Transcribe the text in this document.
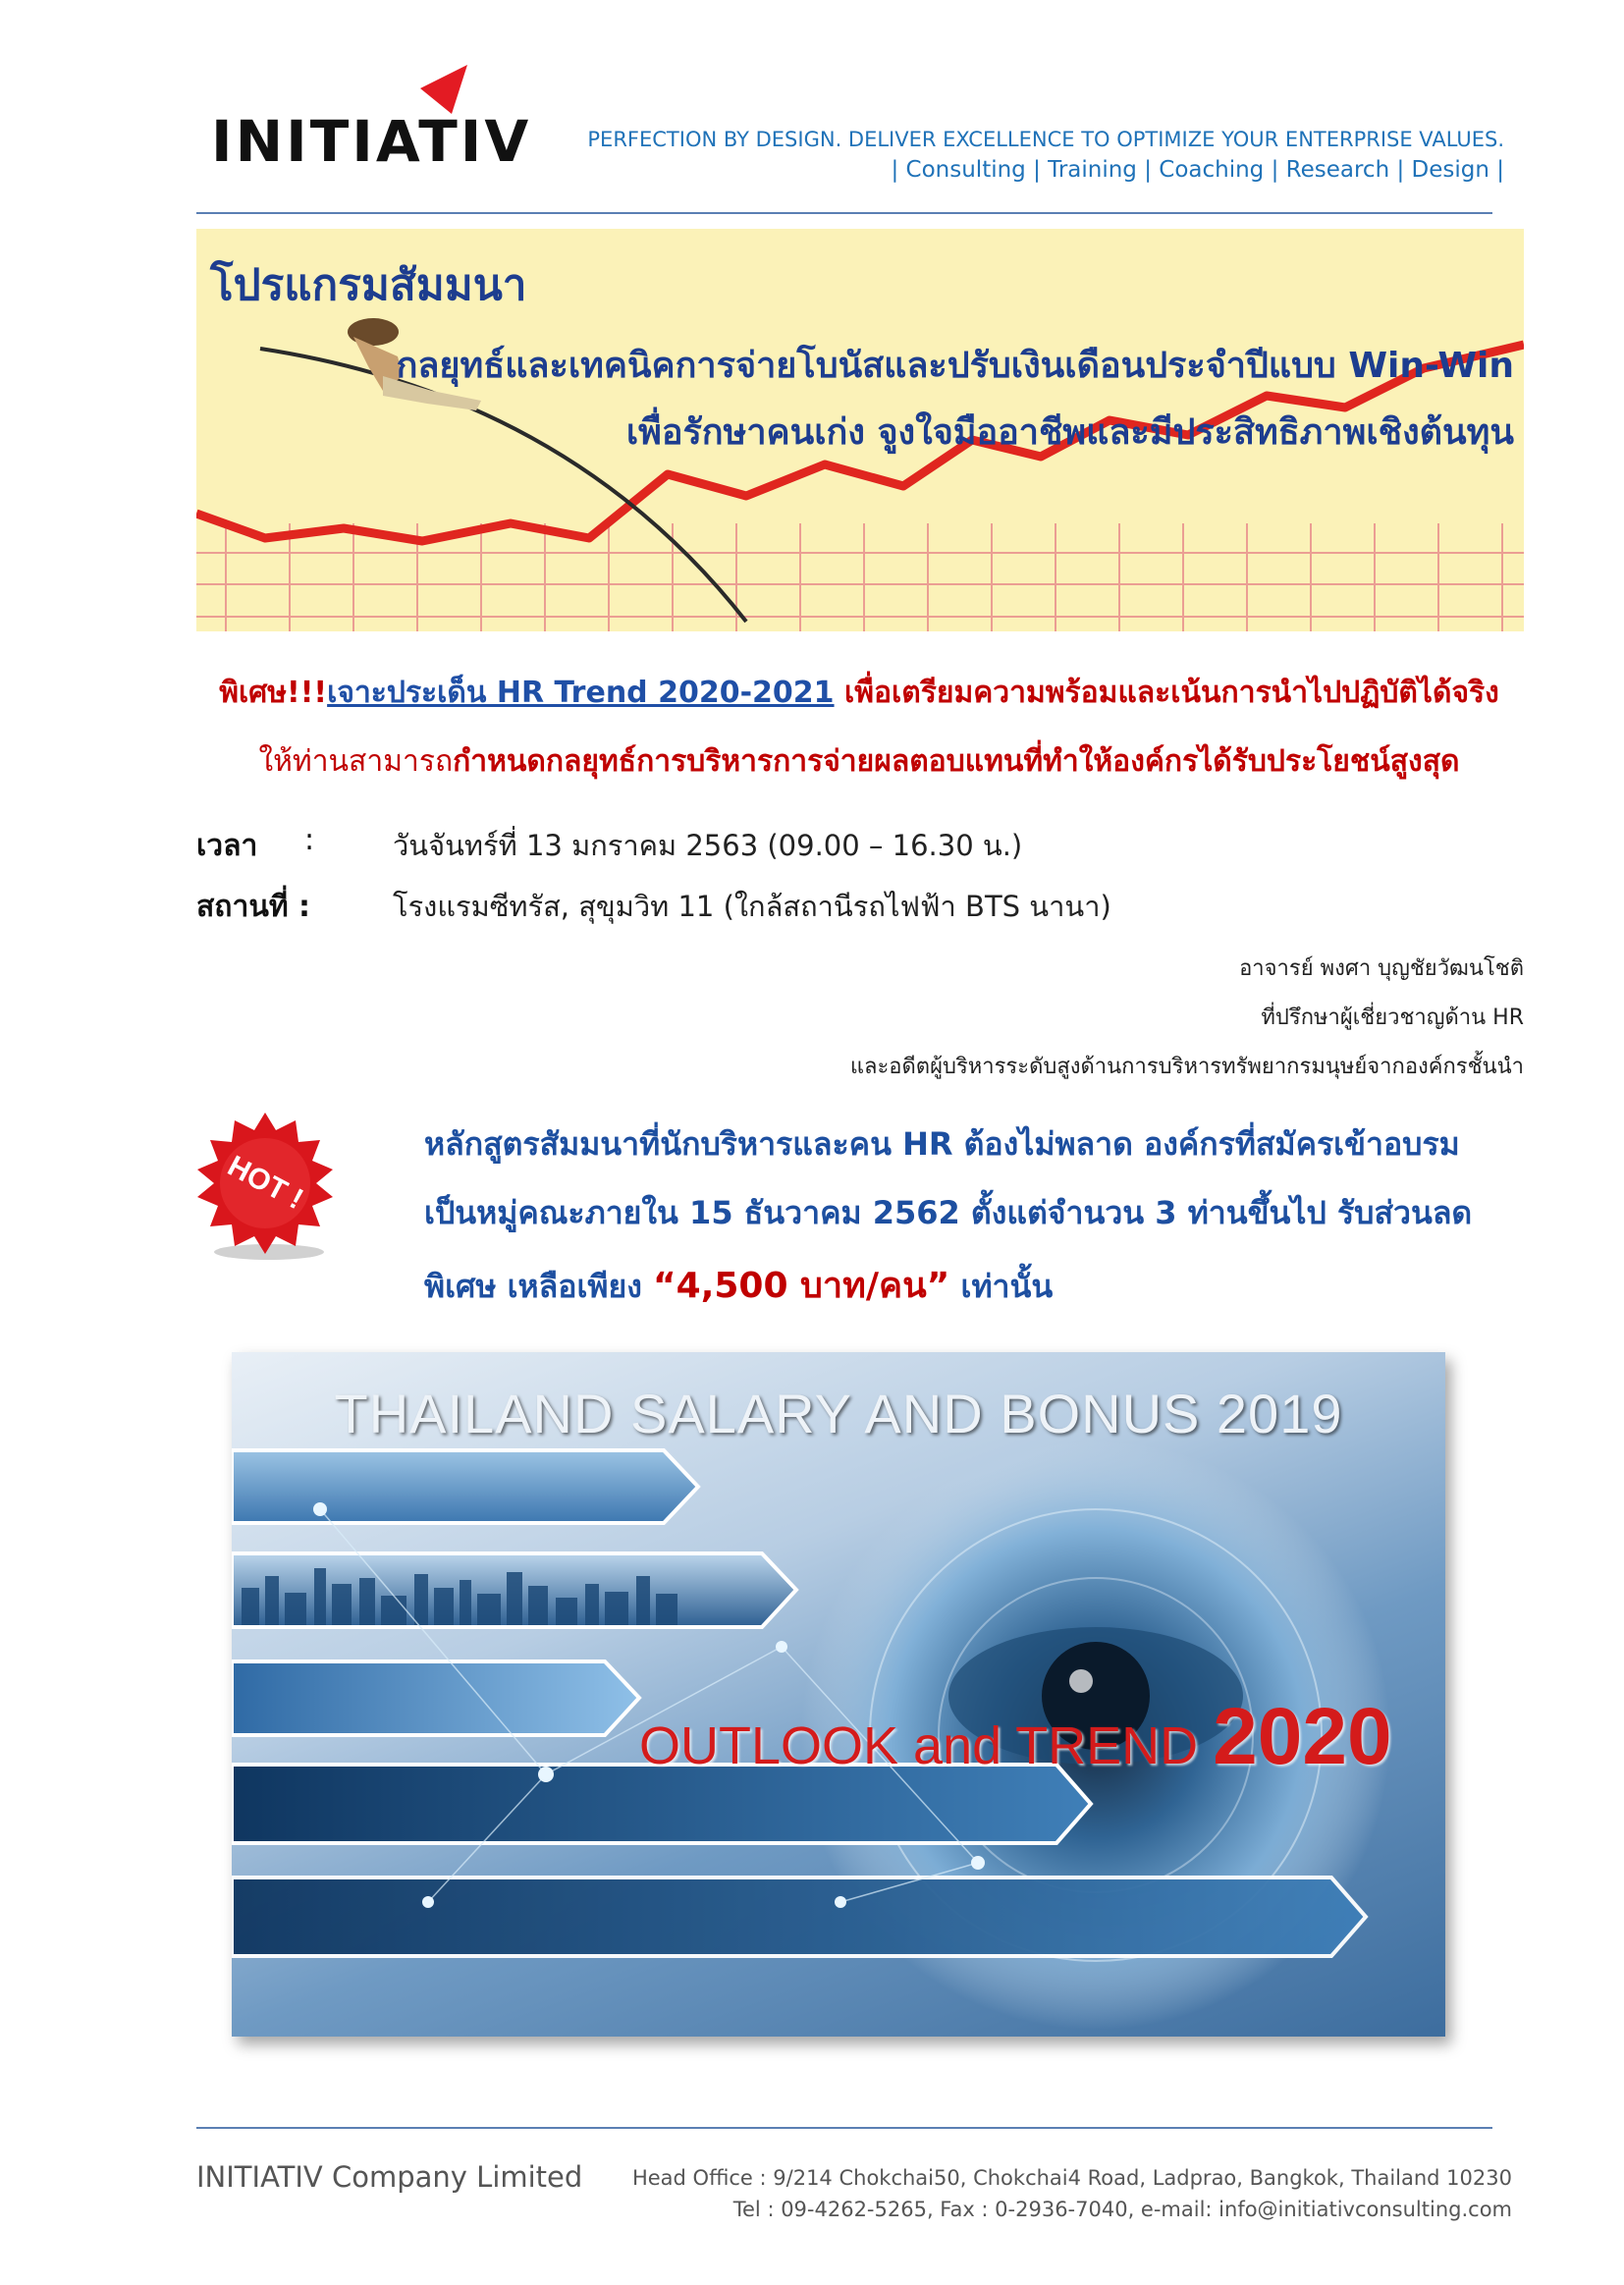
INITIATIV	PERFECTION BY DESIGN. DELIVER EXCELLENCE TO OPTIMIZE YOUR ENTERPRISE VALUES.
| Consulting | Training | Coaching | Research | Design |
โปรแกรมสัมมนา
กลยุทธ์และเทคนิคการจ่ายโบนัสและปรับเงินเดือนประจำปีแบบ Win-Win
เพื่อรักษาคนเก่ง จูงใจมืออาชีพและมีประสิทธิภาพเชิงต้นทุน
พิเศษ!!!เจาะประเด็น HR Trend 2020-2021 เพื่อเตรียมความพร้อมและเน้นการนำไปปฏิบัติได้จริง
ให้ท่านสามารถกำหนดกลยุทธ์การบริหารการจ่ายผลตอบแทนที่ทำให้องค์กรได้รับประโยชน์สูงสุด
เวลา :	วันจันทร์ที่ 13 มกราคม 2563 (09.00 – 16.30 น.)
สถานที่ :	โรงแรมซีทรัส, สุขุมวิท 11 (ใกล้สถานีรถไฟฟ้า BTS นานา)
อาจารย์ พงศา บุญชัยวัฒนโชติ
ที่ปรึกษาผู้เชี่ยวชาญด้าน HR
และอดีตผู้บริหารระดับสูงด้านการบริหารทรัพยากรมนุษย์จากองค์กรชั้นนำ
HOT !
หลักสูตรสัมมนาที่นักบริหารและคน HR ต้องไม่พลาด องค์กรที่สมัครเข้าอบรม
เป็นหมู่คณะภายใน 15 ธันวาคม 2562 ตั้งแต่จำนวน 3 ท่านขึ้นไป รับส่วนลด
พิเศษ เหลือเพียง “4,500 บาท/คน” เท่านั้น
THAILAND SALARY AND BONUS 2019
OUTLOOK and TREND 2020
INITIATIV Company Limited Head Office : 9/214 Chokchai50, Chokchai4 Road, Ladprao, Bangkok, Thailand 10230
Tel : 09-4262-5265, Fax : 0-2936-7040, e-mail: info@initiativconsulting.com
